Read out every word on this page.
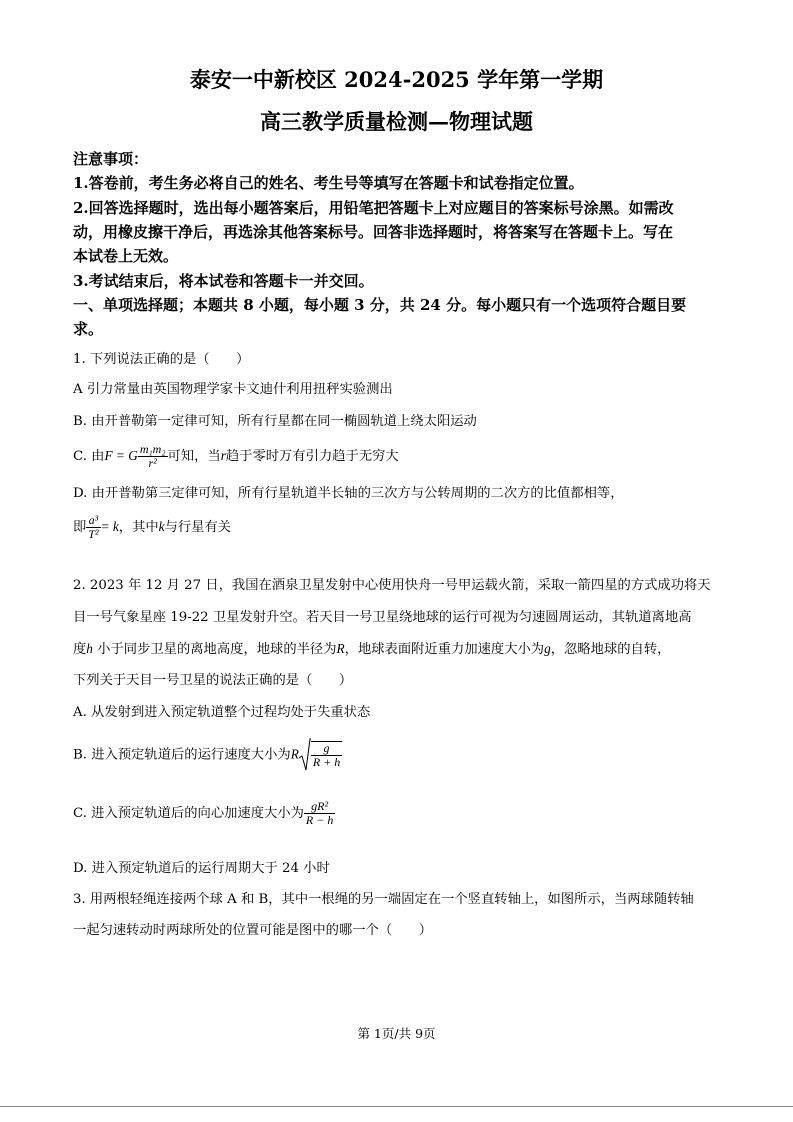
泰安一中新校区 2024-2025 学年第一学期
高三教学质量检测—物理试题
注意事项：
1.答卷前，考生务必将自己的姓名、考生号等填写在答题卡和试卷指定位置。
2.回答选择题时，选出每小题答案后，用铅笔把答题卡上对应题目的答案标号涂黑。如需改
动，用橡皮擦干净后，再选涂其他答案标号。回答非选择题时，将答案写在答题卡上。写在
本试卷上无效。
3.考试结束后，将本试卷和答题卡一并交回。
一、单项选择题；本题共 8 小题，每小题 3 分，共 24 分。每小题只有一个选项符合题目要
求。
1. 下列说法正确的是（　　）
A 引力常量由英国物理学家卡文迪什利用扭秤实验测出
B. 由开普勒第一定律可知，所有行星都在同一椭圆轨道上绕太阳运动
C. 由F = G $\frac{\text{m₁m₂}}{\text{r²}}$ 可知，当r趋于零时万有引力趋于无穷大
D. 由开普勒第三定律可知，所有行星轨道半长轴的三次方与公转周期的二次方的比值都相等，
即 $\frac{\text{a³}}{\text{T²}} = k$，其中k与行星有关
2. 2023 年 12 月 27 日，我国在酒泉卫星发射中心使用快舟一号甲运载火箭，采取一箭四星的方式成功将天
目一号气象星座 19-22 卫星发射升空。若天目一号卫星绕地球的运行可视为匀速圆周运动，其轨道离地高
度h 小于同步卫星的离地高度，地球的半径为R，地球表面附近重力加速度大小为g，忽略地球的自转，
下列关于天目一号卫星的说法正确的是（　　）
A. 从发射到进入预定轨道整个过程均处于失重状态
B. 进入预定轨道后的运行速度大小为R $\frac{g}{R + h}$
C. 进入预定轨道后的向心加速度大小为 $\frac{\text{gR²}}{R - h}$
D. 进入预定轨道后的运行周期大于 24 小时
3. 用两根轻绳连接两个球 A 和 B，其中一根绳的另一端固定在一个竖直转轴上，如图所示，当两球随转轴
一起匀速转动时两球所处的位置可能是图中的哪一个（　　）
第 1页/共 9页
